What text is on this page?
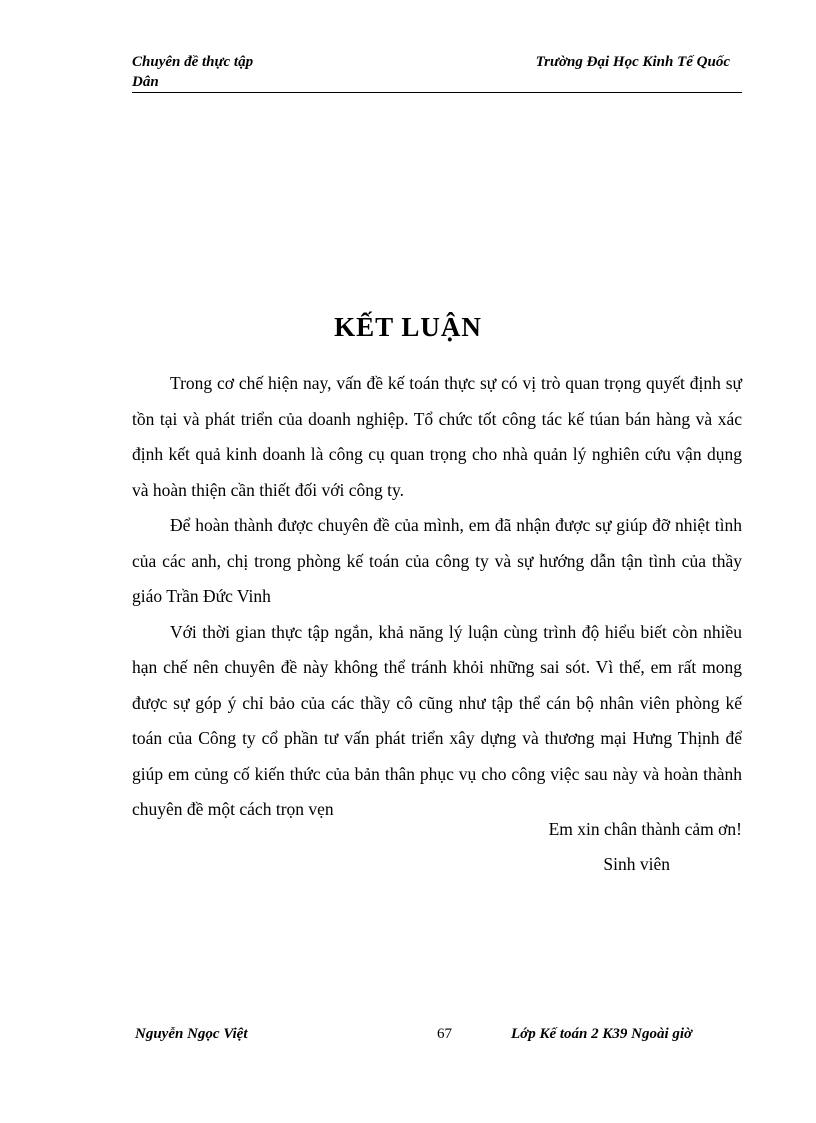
Chuyên đề thực tập
Dân
Trường Đại Học Kinh Tế Quốc
KẾT LUẬN

Trong cơ chế hiện nay, vấn đề kế toán thực sự có vị trò quan trọng quyết định sự tồn tại và phát triển của doanh nghiệp. Tổ chức tốt công tác kế túan bán hàng và xác định kết quả kinh doanh là công cụ quan trọng cho nhà quản lý nghiên cứu vận dụng và hoàn thiện cần thiết đối với công ty.

Để hoàn thành được chuyên đề của mình, em đã nhận được sự giúp đỡ nhiệt tình của các anh, chị trong phòng kế toán của công ty và sự hướng dẫn tận tình của thầy giáo Trần Đức Vinh

Với thời gian thực tập ngắn, khả năng lý luận cùng trình độ hiểu biết còn nhiều hạn chế nên chuyên đề này không thể tránh khỏi những sai sót. Vì thế, em rất mong được sự góp ý chỉ bảo của các thầy cô cũng như tập thể cán bộ nhân viên phòng kế toán của Công ty cổ phần tư vấn phát triển xây dựng và thương mại Hưng Thịnh để giúp em củng cố kiến thức của bản thân phục vụ cho công việc sau này và hoàn thành chuyên đề một cách trọn vẹn

Em xin chân thành cảm ơn!
Sinh viên
Nguyễn Ngọc Việt	67	Lớp Kế toán 2 K39 Ngoài giờ
